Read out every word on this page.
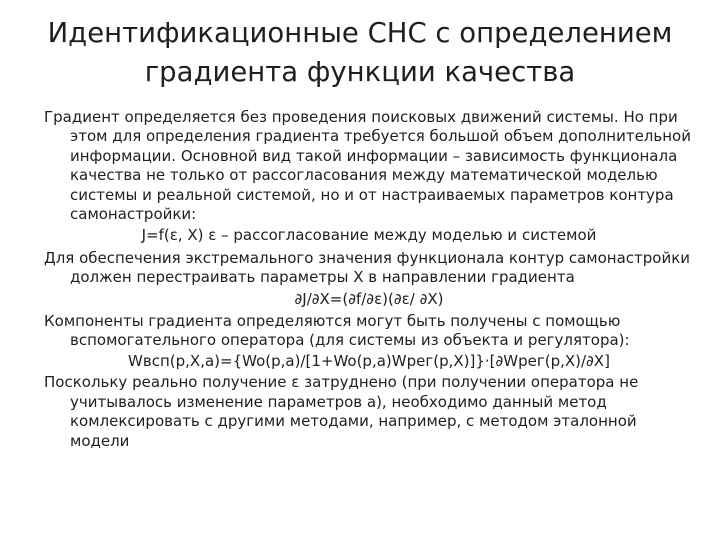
Идентификационные СНС с определением
градиента функции качества

Градиент определяется без проведения поисковых движений системы. Но при этом для определения градиента требуется большой объем дополнительной информации. Основной вид такой информации – зависимость функционала качества не только от рассогласования между математической моделью системы и реальной системой, но и от настраиваемых параметров контура самонастройки:

J=f(ε, X) ε – рассогласование между моделью и системой

Для обеспечения экстремального значения функционала контур самонастройки должен перестраивать параметры Х в направлении градиента

∂J/∂X=(∂f/∂ε)(∂ε/ ∂X)

Компоненты градиента определяются могут быть получены с помощью вспомогательного оператора (для системы из объекта и регулятора):

Wвсп(p,X,a)={Wo(p,a)/[1+Wo(p,a)Wрег(p,X)]}·[∂Wрег(p,X)/∂X]

Поскольку реально получение ε затруднено (при получении оператора не учитывалось изменение параметров а), необходимо данный метод комлексировать с другими методами, например, с методом эталонной модели
